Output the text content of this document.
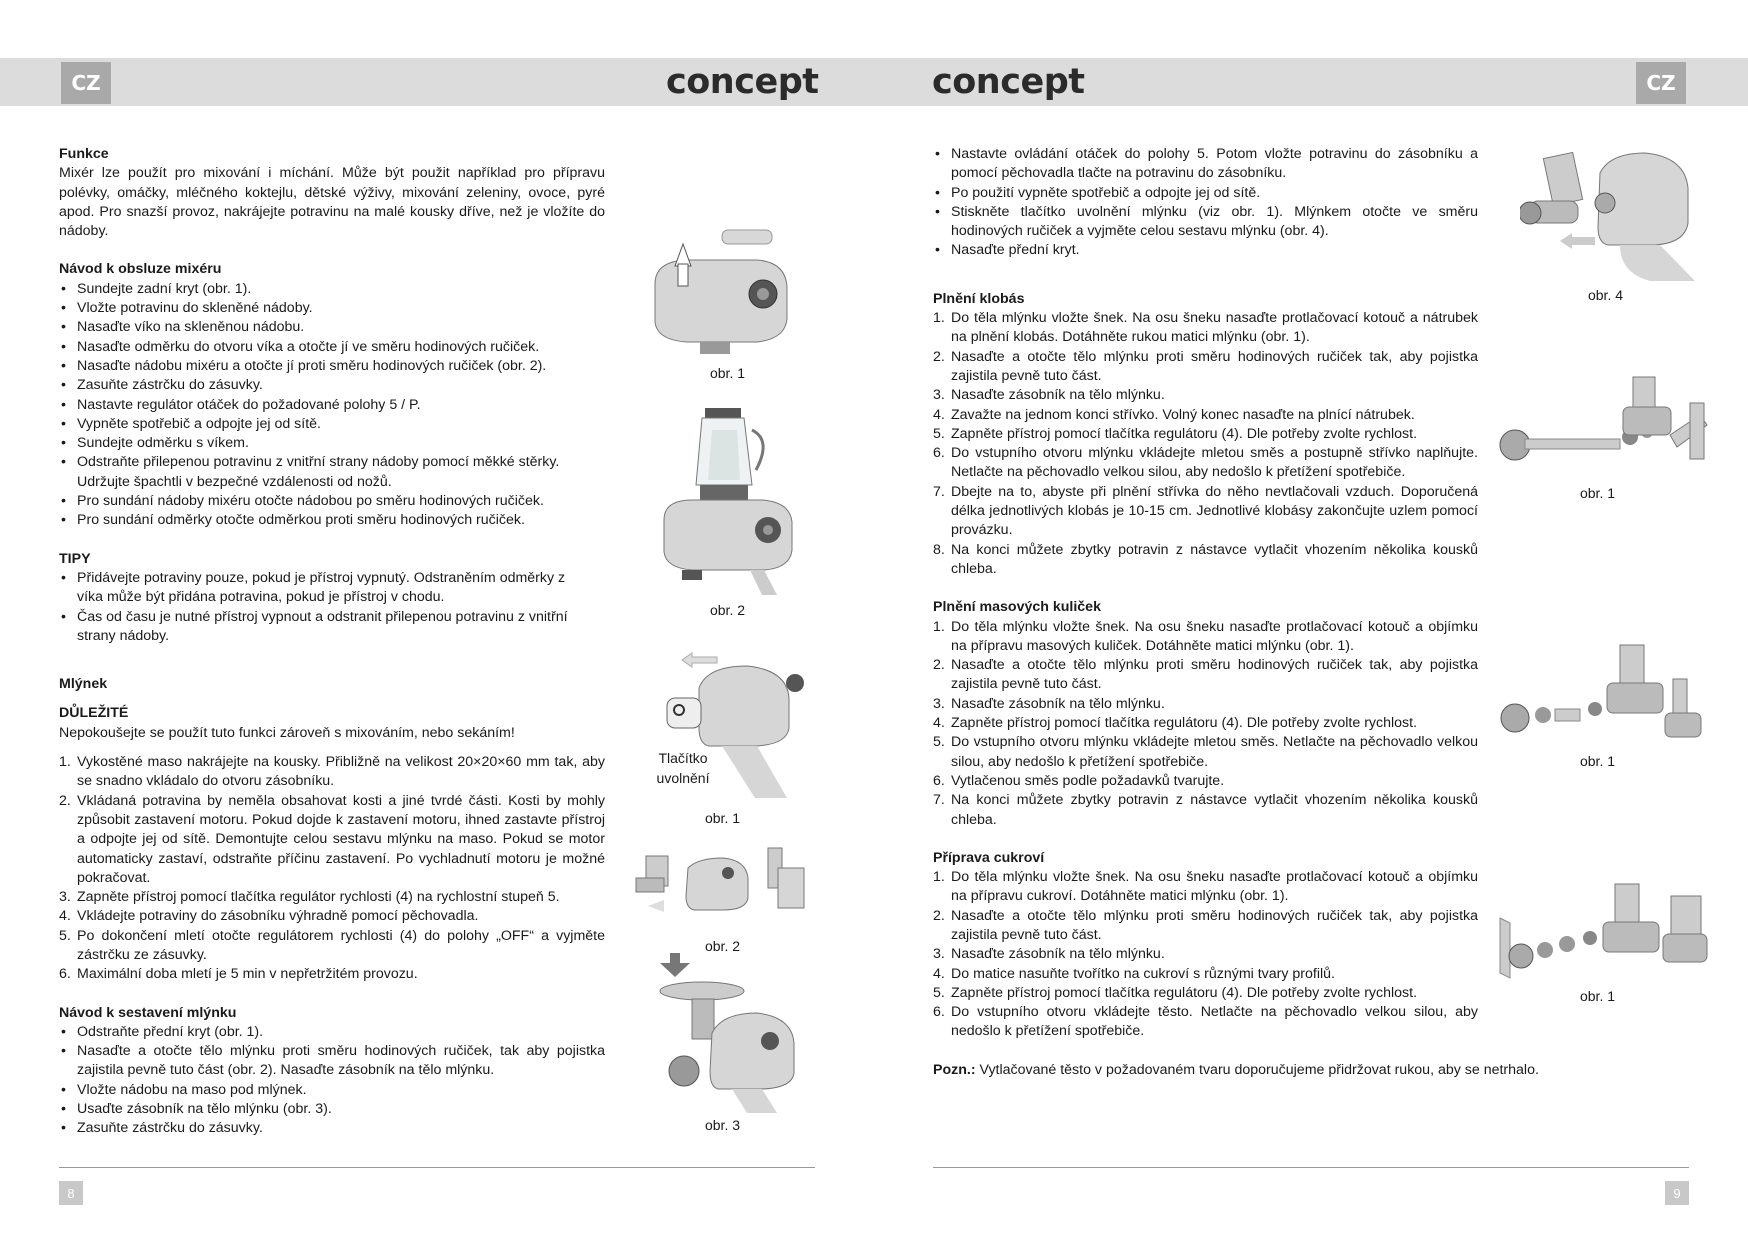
CZ	CZ
concept	concept
Funkce

Mixér lze použít pro mixování i míchání. Může být použit například pro přípravu polévky, omáčky, mléčného koktejlu, dětské výživy, mixování zeleniny, ovoce, pyré apod. Pro snazší provoz, nakrájejte potravinu na malé kousky dříve, než je vložíte do nádoby.

Návod k obsluze mixéru
• Sundejte zadní kryt (obr. 1).
• Vložte potravinu do skleněné nádoby.
• Nasaďte víko na skleněnou nádobu.
• Nasaďte odměrku do otvoru víka a otočte jí ve směru hodinových ručiček.
• Nasaďte nádobu mixéru a otočte jí proti směru hodinových ručiček (obr. 2).
• Zasuňte zástrčku do zásuvky.
• Nastavte regulátor otáček do požadované polohy 5 / P.
• Vypněte spotřebič a odpojte jej od sítě.
• Sundejte odměrku s víkem.
• Odstraňte přilepenou potravinu z vnitřní strany nádoby pomocí měkké stěrky. Udržujte špachtli v bezpečné vzdálenosti od nožů.
• Pro sundání nádoby mixéru otočte nádobou po směru hodinových ručiček.
• Pro sundání odměrky otočte odměrkou proti směru hodinových ručiček.
TIPY
• Přidávejte potraviny pouze, pokud je přístroj vypnutý. Odstraněním odměrky z víka může být přidána potravina, pokud je přístroj v chodu.
• Čas od času je nutné přístroj vypnout a odstranit přilepenou potravinu z vnitřní strany nádoby.
Mlýnek
DŮLEŽITÉ

Nepokoušejte se použít tuto funkci zároveň s mixováním, nebo sekáním!

1. Vykostěné maso nakrájejte na kousky. Přibližně na velikost 20×20×60 mm tak, aby se snadno vkládalo do otvoru zásobníku.
2. Vkládaná potravina by neměla obsahovat kosti a jiné tvrdé části. Kosti by mohly způsobit zastavení motoru. Pokud dojde k zastavení motoru, ihned zastavte přístroj a odpojte jej od sítě. Demontujte celou sestavu mlýnku na maso. Pokud se motor automaticky zastaví, odstraňte příčinu zastavení. Po vychladnutí motoru je možné pokračovat.
3. Zapněte přístroj pomocí tlačítka regulátor rychlosti (4) na rychlostní stupeň 5.
4. Vkládejte potraviny do zásobníku výhradně pomocí pěchovadla.
5. Po dokončení mletí otočte regulátorem rychlosti (4) do polohy „OFF“ a vyjměte zástrčku ze zásuvky.
6. Maximální doba mletí je 5 min v nepřetržitém provozu.
Návod k sestavení mlýnku
• Odstraňte přední kryt (obr. 1).
• Nasaďte a otočte tělo mlýnku proti směru hodinových ručiček, tak aby pojistka zajistila pevně tuto část (obr. 2). Nasaďte zásobník na tělo mlýnku.
• Vložte nádobu na maso pod mlýnek.
• Usaďte zásobník na tělo mlýnku (obr. 3).
• Zasuňte zástrčku do zásuvky.
obr. 1
obr. 2
Tlačítko uvolnění
obr. 1
obr. 2
obr. 3
• Nastavte ovládání otáček do polohy 5. Potom vložte potravinu do zásobníku a pomocí pěchovadla tlačte na potravinu do zásobníku.
• Po použití vypněte spotřebič a odpojte jej od sítě.
• Stiskněte tlačítko uvolnění mlýnku (viz obr. 1). Mlýnkem otočte ve směru hodinových ručiček a vyjměte celou sestavu mlýnku (obr. 4).
• Nasaďte přední kryt.
Plnění klobás
1. Do těla mlýnku vložte šnek. Na osu šneku nasaďte protlačovací kotouč a nátrubek na plnění klobás. Dotáhněte rukou matici mlýnku (obr. 1).
2. Nasaďte a otočte tělo mlýnku proti směru hodinových ručiček tak, aby pojistka zajistila pevně tuto část.
3. Nasaďte zásobník na tělo mlýnku.
4. Zavažte na jednom konci střívko. Volný konec nasaďte na plnící nátrubek.
5. Zapněte přístroj pomocí tlačítka regulátoru (4). Dle potřeby zvolte rychlost.
6. Do vstupního otvoru mlýnku vkládejte mletou směs a postupně střívko naplňujte. Netlačte na pěchovadlo velkou silou, aby nedošlo k přetížení spotřebiče.
7. Dbejte na to, abyste při plnění střívka do něho nevtlačovali vzduch. Doporučená délka jednotlivých klobás je 10-15 cm. Jednotlivé klobásy zakončujte uzlem pomocí provázku.
8. Na konci můžete zbytky potravin z nástavce vytlačit vhozením několika kousků chleba.
Plnění masových kuliček
1. Do těla mlýnku vložte šnek. Na osu šneku nasaďte protlačovací kotouč a objímku na přípravu masových kuliček. Dotáhněte matici mlýnku (obr. 1).
2. Nasaďte a otočte tělo mlýnku proti směru hodinových ručiček tak, aby pojistka zajistila pevně tuto část.
3. Nasaďte zásobník na tělo mlýnku.
4. Zapněte přístroj pomocí tlačítka regulátoru (4). Dle potřeby zvolte rychlost.
5. Do vstupního otvoru mlýnku vkládejte mletou směs. Netlačte na pěchovadlo velkou silou, aby nedošlo k přetížení spotřebiče.
6. Vytlačenou směs podle požadavků tvarujte.
7. Na konci můžete zbytky potravin z nástavce vytlačit vhozením několika kousků chleba.
Příprava cukroví
1. Do těla mlýnku vložte šnek. Na osu šneku nasaďte protlačovací kotouč a objímku na přípravu cukroví. Dotáhněte matici mlýnku (obr. 1).
2. Nasaďte a otočte tělo mlýnku proti směru hodinových ručiček tak, aby pojistka zajistila pevně tuto část.
3. Nasaďte zásobník na tělo mlýnku.
4. Do matice nasuňte tvořítko na cukroví s různými tvary profilů.
5. Zapněte přístroj pomocí tlačítka regulátoru (4). Dle potřeby zvolte rychlost.
6. Do vstupního otvoru vkládejte těsto. Netlačte na pěchovadlo velkou silou, aby nedošlo k přetížení spotřebiče.

Pozn.: Vytlačované těsto v požadovaném tvaru doporučujeme přidržovat rukou, aby se netrhalo.

obr. 4
obr. 1
obr. 1
obr. 1
8	9
